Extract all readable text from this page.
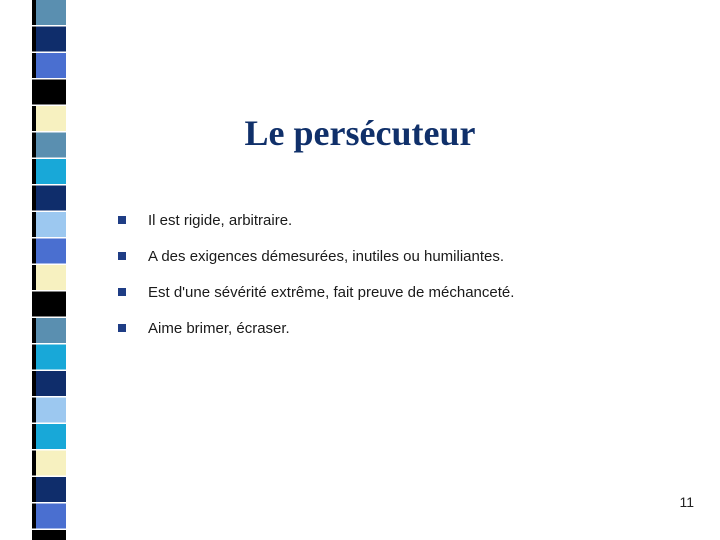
Le persécuteur
Il est rigide, arbitraire.
A des exigences démesurées, inutiles ou humiliantes.
Est d'une sévérité extrême, fait preuve de méchanceté.
Aime brimer, écraser.
11
